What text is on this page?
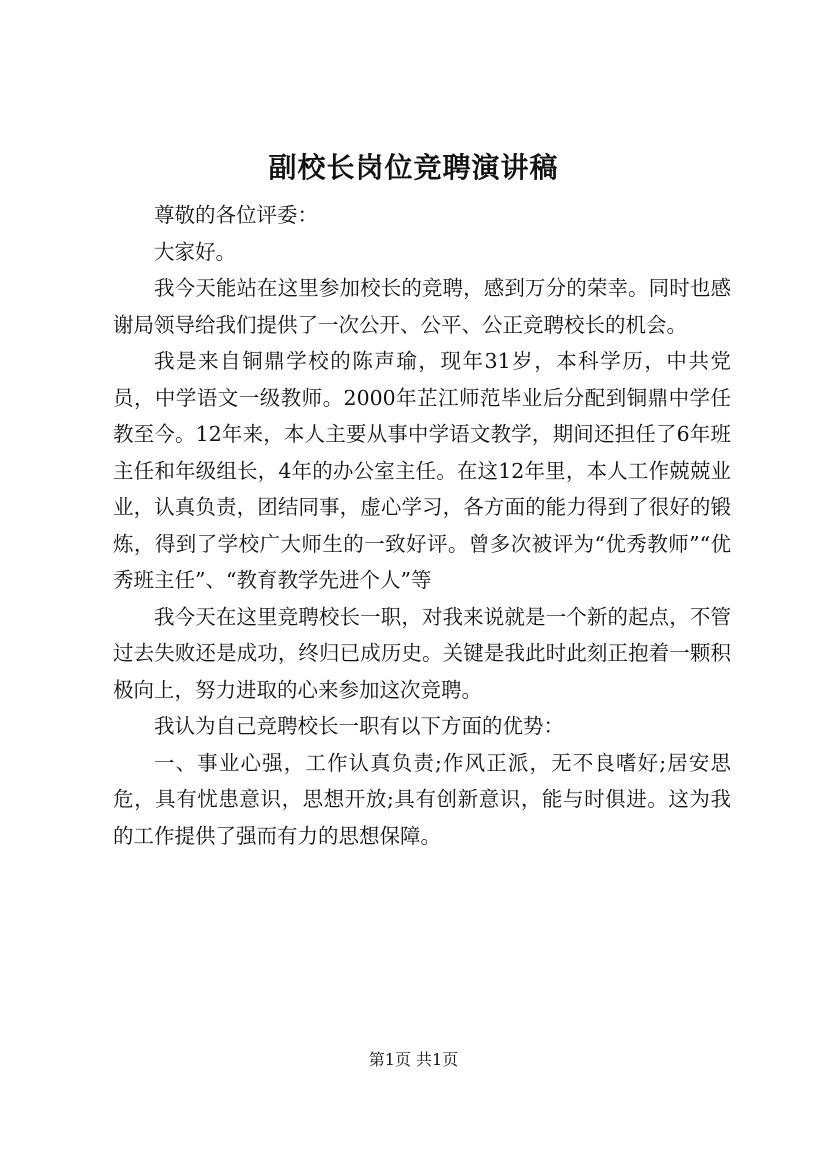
副校长岗位竞聘演讲稿

尊敬的各位评委：

大家好。

我今天能站在这里参加校长的竞聘，感到万分的荣幸。同时也感谢局领导给我们提供了一次公开、公平、公正竞聘校长的机会。

我是来自铜鼎学校的陈声瑜，现年31岁，本科学历，中共党员，中学语文一级教师。2000年芷江师范毕业后分配到铜鼎中学任教至今。12年来，本人主要从事中学语文教学，期间还担任了6年班主任和年级组长，4年的办公室主任。在这12年里，本人工作兢兢业业，认真负责，团结同事，虚心学习，各方面的能力得到了很好的锻炼，得到了学校广大师生的一致好评。曾多次被评为“优秀教师”“优秀班主任”、“教育教学先进个人”等

我今天在这里竞聘校长一职，对我来说就是一个新的起点，不管过去失败还是成功，终归已成历史。关键是我此时此刻正抱着一颗积极向上，努力进取的心来参加这次竞聘。

我认为自己竞聘校长一职有以下方面的优势：

一、事业心强，工作认真负责;作风正派，无不良嗜好;居安思危，具有忧患意识，思想开放;具有创新意识，能与时俱进。这为我的工作提供了强而有力的思想保障。

第1页 共1页
